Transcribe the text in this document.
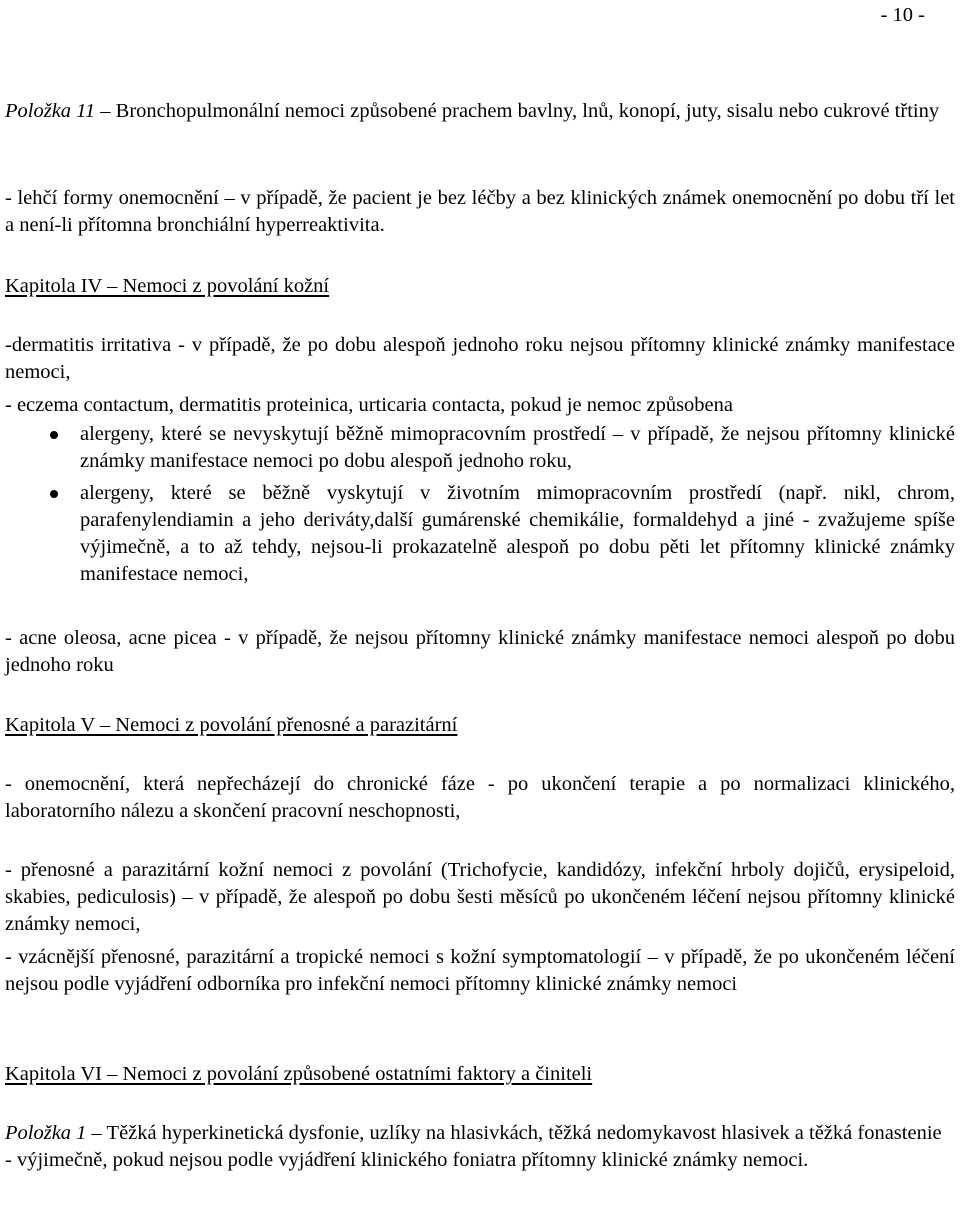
- 10 -

Položka 11 – Bronchopulmonální nemoci způsobené prachem bavlny, lnů, konopí, juty, sisalu nebo cukrové třtiny

- lehčí formy onemocnění – v případě, že pacient je bez léčby a bez klinických známek onemocnění po dobu tří let a není-li přítomna bronchiální hyperreaktivita.

Kapitola IV – Nemoci z povolání kožní

-dermatitis irritativa - v případě, že po dobu alespoň jednoho roku nejsou přítomny klinické známky manifestace nemoci,

- eczema contactum, dermatitis proteinica, urticaria contacta, pokud je nemoc způsobena

alergeny, které se nevyskytují běžně mimopracovním prostředí – v případě, že nejsou přítomny klinické známky manifestace nemoci po dobu alespoň jednoho roku,
alergeny, které se běžně vyskytují v životním mimopracovním prostředí (např. nikl, chrom, parafenylendiamin a jeho deriváty,další gumárenské chemikálie, formaldehyd a jiné - zvažujeme spíše výjimečně, a to až tehdy, nejsou-li prokazatelně alespoň po dobu pěti let přítomny klinické známky manifestace nemoci,

- acne oleosa, acne picea - v případě, že nejsou přítomny klinické známky manifestace nemoci alespoň po dobu jednoho roku

Kapitola V – Nemoci z povolání přenosné a parazitární

- onemocnění, která nepřecházejí do chronické fáze - po ukončení terapie a po normalizaci klinického, laboratorního nálezu a skončení pracovní neschopnosti,

- přenosné a parazitární kožní nemoci z povolání (Trichofycie, kandidózy, infekční hrboly dojičů, erysipeloid, skabies, pediculosis) – v případě, že alespoň po dobu šesti měsíců po ukončeném léčení nejsou přítomny klinické známky nemoci,

- vzácnější přenosné, parazitární a tropické nemoci s kožní symptomatologií – v případě, že po ukončeném léčení nejsou podle vyjádření odborníka pro infekční nemoci přítomny klinické známky nemoci

Kapitola VI – Nemoci z povolání způsobené ostatními faktory a činiteli

Položka 1 – Těžká hyperkinetická dysfonie, uzlíky na hlasivkách, těžká nedomykavost hlasivek a těžká fonastenie

- výjimečně, pokud nejsou podle vyjádření klinického foniatra přítomny klinické známky nemoci.
